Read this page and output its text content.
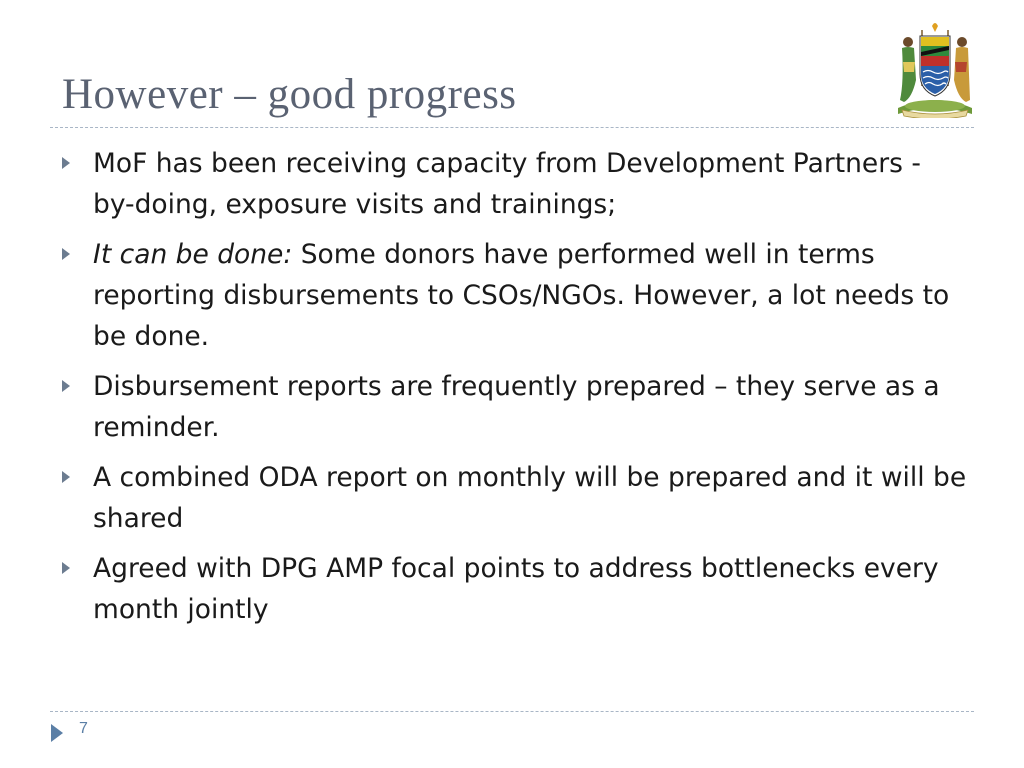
However – good progress
MoF has been receiving capacity from Development Partners - by-doing, exposure visits and trainings;
It can be done: Some donors have performed well in terms reporting disbursements to CSOs/NGOs. However, a lot needs to be done.
Disbursement reports are frequently prepared – they serve as a reminder.
A combined ODA report on monthly will be prepared and it will be shared
Agreed with DPG AMP focal points to address bottlenecks every month jointly
7
